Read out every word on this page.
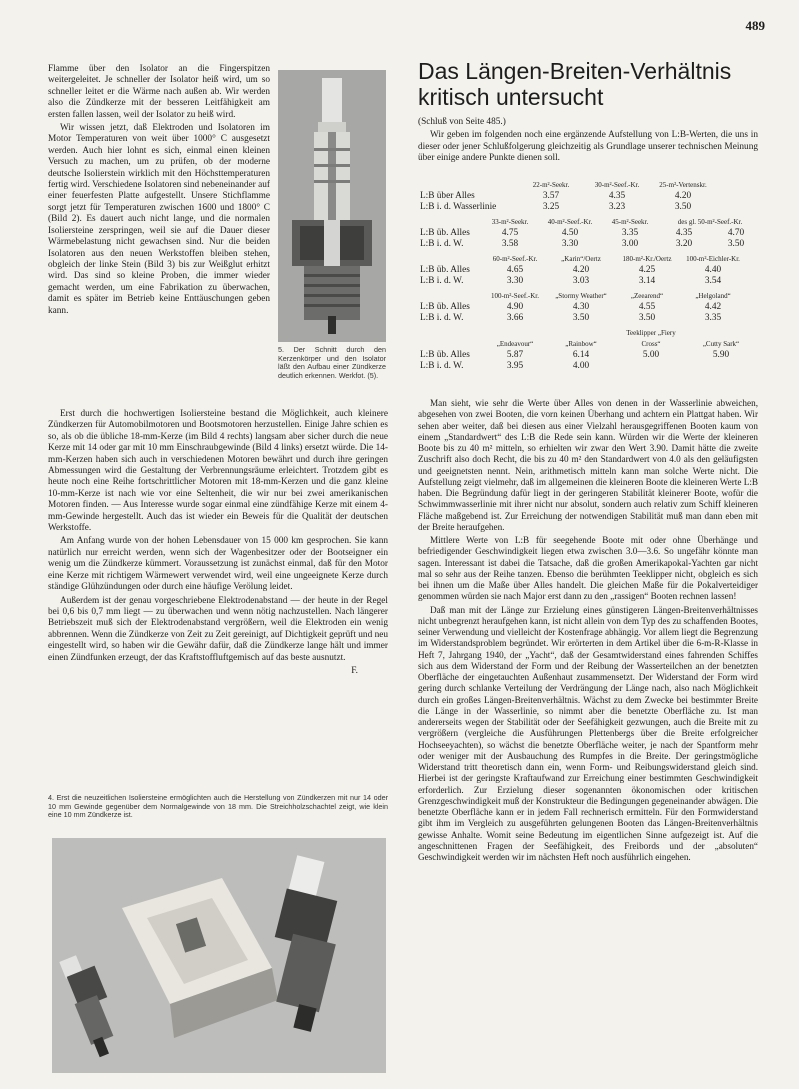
489

Flamme über den Isolator an die Fingerspitzen weitergeleitet. Je schneller der Isolator heiß wird, um so schneller leitet er die Wärme nach außen ab. Wir werden also die Zündkerze mit der besseren Leitfähigkeit am ersten fallen lassen, weil der Isolator zu heiß wird.

Wir wissen jetzt, daß Elektroden und Isolatoren im Motor Temperaturen von weit über 1000° C ausgesetzt werden. Auch hier lohnt es sich, einmal einen kleinen Versuch zu machen, um zu prüfen, ob der moderne deutsche Isolierstein wirklich mit den Höchsttemperaturen fertig wird. Verschiedene Isolatoren sind nebeneinander auf einer feuerfesten Platte aufgestellt. Unsere Stichflamme sorgt jetzt für Temperaturen zwischen 1600 und 1800° C (Bild 2). Es dauert auch nicht lange, und die normalen Isoliersteine zerspringen, weil sie auf die Dauer dieser Wärmebelastung nicht gewachsen sind. Nur die beiden Isolatoren aus den neuen Werkstoffen bleiben stehen, obgleich der linke Stein (Bild 3) bis zur Weißglut erhitzt wird. Das sind so kleine Proben, die immer wieder gemacht werden, um eine Fabrikation zu überwachen, damit es später im Betrieb keine Enttäuschungen geben kann.

5. Der Schnitt durch den Kerzenkörper und den Isolator läßt den Aufbau einer Zündkerze deutlich erkennen. Werkfot. (5).

Erst durch die hochwertigen Isoliersteine bestand die Möglichkeit, auch kleinere Zündkerzen für Automobilmotoren und Bootsmotoren herzustellen. Einige Jahre schien es so, als ob die übliche 18-mm-Kerze (im Bild 4 rechts) langsam aber sicher durch die neue Kerze mit 14 oder gar mit 10 mm Einschraubgewinde (Bild 4 links) ersetzt würde. Die 14-mm-Kerzen haben sich auch in verschiedenen Motoren bewährt und durch ihre geringen Abmessungen wird die Gestaltung der Verbrennungsräume erleichtert. Trotzdem gibt es heute noch eine Reihe fortschrittlicher Motoren mit 18-mm-Kerzen und die ganz kleine 10-mm-Kerze ist nach wie vor eine Seltenheit, die wir nur bei zwei amerikanischen Motoren finden. — Aus Interesse wurde sogar einmal eine zündfähige Kerze mit einem 4-mm-Gewinde hergestellt. Auch das ist wieder ein Beweis für die Qualität der deutschen Werkstoffe.

Am Anfang wurde von der hohen Lebensdauer von 15 000 km gesprochen. Sie kann natürlich nur erreicht werden, wenn sich der Wagenbesitzer oder der Bootseigner ein wenig um die Zündkerze kümmert. Voraussetzung ist zunächst einmal, daß für den Motor eine Kerze mit richtigem Wärmewert verwendet wird, weil eine ungeeignete Kerze durch ständige Glühzündungen oder durch eine häufige Verölung leidet.

Außerdem ist der genau vorgeschriebene Elektrodenabstand — der heute in der Regel bei 0,6 bis 0,7 mm liegt — zu überwachen und wenn nötig nachzustellen. Nach längerer Betriebszeit muß sich der Elektrodenabstand vergrößern, weil die Elektroden ein wenig abbrennen. Wenn die Zündkerze von Zeit zu Zeit gereinigt, auf Dichtigkeit geprüft und neu eingestellt wird, so haben wir die Gewähr dafür, daß die Zündkerze lange hält und immer einen Zündfunken erzeugt, der das Kraftstoffluftgemisch auf das beste ausnutzt.

F.

4. Erst die neuzeitlichen Isoliersteine ermöglichten auch die Herstellung von Zündkerzen mit nur 14 oder 10 mm Gewinde gegenüber dem Normalgewinde von 18 mm. Die Streichholzschachtel zeigt, wie klein eine 10 mm Zündkerze ist.
Das Längen-Breiten-Verhältnis kritisch untersucht

(Schluß von Seite 485.)

Wir geben im folgenden noch eine ergänzende Aufstellung von L:B-Werten, die uns in dieser oder jener Schlußfolgerung gleichzeitig als Grundlage unserer technischen Meinung über einige andere Punkte dienen soll.

	22-m²-Seekr.	30-m²-Seef.-Kr.	25-m²-Vertenskr.
L:B über Alles	3.57	4.35	4.20
L:B i. d. Wasserlinie	3.25	3.23	3.50
	33-m²-Seekr.	40-m²-Seef.-Kr.	45-m²-Seekr.	des gl. 50-m²-Seef.-Kr.	
L:B üb. Alles	4.75	4.50	3.35	4.35	4.70
L:B i. d. W.	3.58	3.30	3.00	3.20	3.50
	60-m²-Seef.-Kr.	„Karin“/Oertz	180-m²-Kr./Oertz	100-m²-Eichler-Kr.
L:B üb. Alles	4.65	4.20	4.25	4.40
L:B i. d. W.	3.30	3.03	3.14	3.54
	100-m²-Seef.-Kr.	„Stormy Weather“	„Zeearend“	„Helgoland“
L:B üb. Alles	4.90	4.30	4.55	4.42
L:B i. d. W.	3.66	3.50	3.50	3.35
	„Endeavour“	„Rainbow“	Teeklipper „Fiery Cross“	„Cutty Sark“
L:B üb. Alles	5.87	6.14	5.00	5.90
L:B i. d. W.	3.95	4.00		

Man sieht, wie sehr die Werte über Alles von denen in der Wasserlinie abweichen, abgesehen von zwei Booten, die vorn keinen Überhang und achtern ein Plattgat haben. Wir sehen aber weiter, daß bei diesen aus einer Vielzahl herausgegriffenen Booten kaum von einem „Standardwert“ des L:B die Rede sein kann. Würden wir die Werte der kleineren Boote bis zu 40 m² mitteln, so erhielten wir zwar den Wert 3.90. Damit hätte die zweite Zuschrift also doch Recht, die bis zu 40 m² den Standardwert von 4.0 als den geläufigsten und geeignetsten nennt. Nein, arithmetisch mitteln kann man solche Werte nicht. Die Aufstellung zeigt vielmehr, daß im allgemeinen die kleineren Boote die kleineren Werte L:B haben. Die Begründung dafür liegt in der geringeren Stabilität kleinerer Boote, wofür die Schwimmwasserlinie mit ihrer nicht nur absolut, sondern auch relativ zum Schiff kleineren Fläche maßgebend ist. Zur Erreichung der notwendigen Stabilität muß man dann eben mit der Breite heraufgehen.

Mittlere Werte von L:B für seegehende Boote mit oder ohne Überhänge und befriedigender Geschwindigkeit liegen etwa zwischen 3.0—3.6. So ungefähr könnte man sagen. Interessant ist dabei die Tatsache, daß die großen Amerikapokal-Yachten gar nicht mal so sehr aus der Reihe tanzen. Ebenso die berühmten Teeklipper nicht, obgleich es sich bei ihnen um die Maße über Alles handelt. Die gleichen Maße für die Pokalverteidiger genommen würden sie nach Major erst dann zu den „rassigen“ Booten rechnen lassen!

Daß man mit der Länge zur Erzielung eines günstigeren Längen-Breitenverhältnisses nicht unbegrenzt heraufgehen kann, ist nicht allein von dem Typ des zu schaffenden Bootes, seiner Verwendung und vielleicht der Kostenfrage abhängig. Vor allem liegt die Begrenzung im Widerstandsproblem begründet. Wir erörterten in dem Artikel über die 6-m-R-Klasse in Heft 7, Jahrgang 1940, der „Yacht“, daß der Gesamtwiderstand eines fahrenden Schiffes sich aus dem Widerstand der Form und der Reibung der Wasserteilchen an der benetzten Oberfläche der eingetauchten Außenhaut zusammensetzt. Der Widerstand der Form wird gering durch schlanke Verteilung der Verdrängung der Länge nach, also nach Möglichkeit durch ein großes Längen-Breitenverhältnis. Wächst zu dem Zwecke bei bestimmter Breite die Länge in der Wasserlinie, so nimmt aber die benetzte Oberfläche zu. Ist man andererseits wegen der Stabilität oder der Seefähigkeit gezwungen, auch die Breite mit zu vergrößern (vergleiche die Ausführungen Plettenbergs über die Breite erfolgreicher Hochseeyachten), so wächst die benetzte Oberfläche weiter, je nach der Spantform mehr oder weniger mit der Ausbauchung des Rumpfes in die Breite. Der geringstmögliche Widerstand tritt theoretisch dann ein, wenn Form- und Reibungswiderstand gleich sind. Hierbei ist der geringste Kraftaufwand zur Erreichung einer bestimmten Geschwindigkeit erforderlich. Zur Erzielung dieser sogenannten ökonomischen oder kritischen Grenzgeschwindigkeit muß der Konstrukteur die Bedingungen gegeneinander abwägen. Die benetzte Oberfläche kann er in jedem Fall rechnerisch ermitteln. Für den Formwiderstand gibt ihm im Vergleich zu ausgeführten gelungenen Booten das Längen-Breitenverhältnis gewisse Anhalte. Womit seine Bedeutung im eigentlichen Sinne aufgezeigt ist. Auf die angeschnittenen Fragen der Seefähigkeit, des Freibords und der „absoluten“ Geschwindigkeit werden wir im nächsten Heft noch ausführlich eingehen.
